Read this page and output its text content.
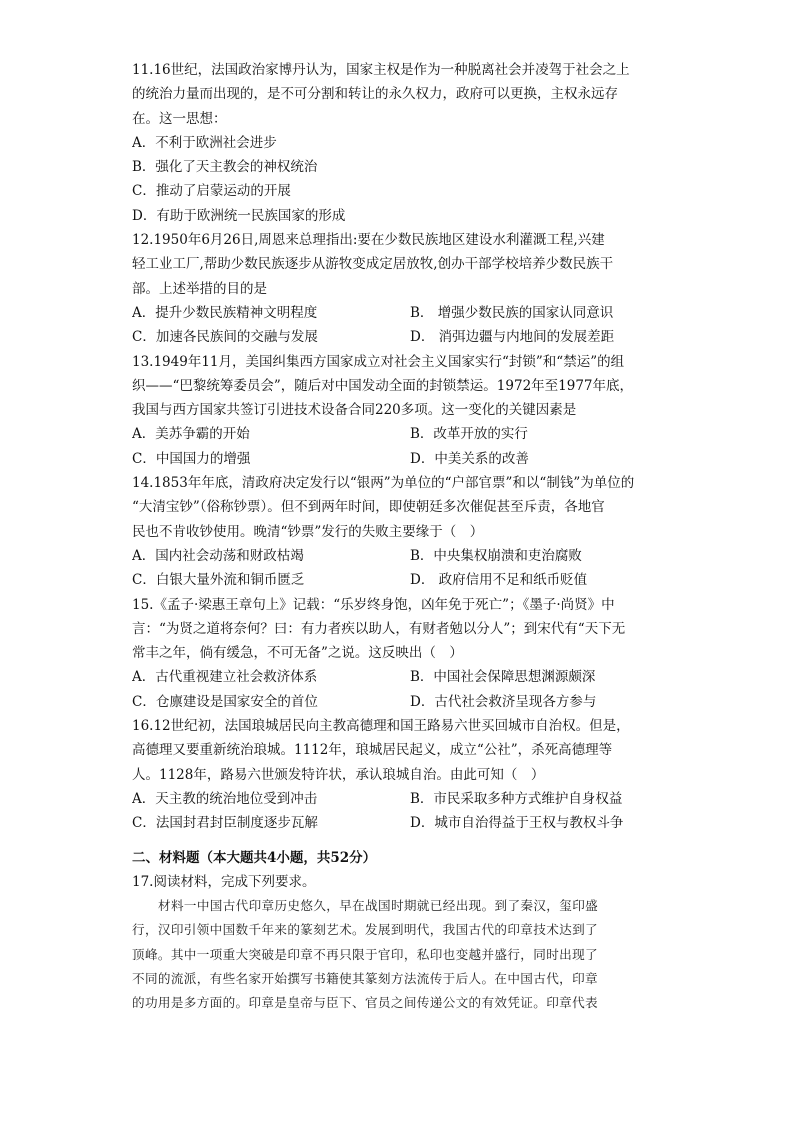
11.16世纪，法国政治家博丹认为，国家主权是作为一种脱离社会并凌驾于社会之上
的统治力量而出现的，是不可分割和转让的永久权力，政府可以更换，主权永远存
在。这一思想：
A．不利于欧洲社会进步
B．强化了天主教会的神权统治
C．推动了启蒙运动的开展
D．有助于欧洲统一民族国家的形成
12.1950年6月26日,周恩来总理指出:要在少数民族地区建设水利灌溉工程,兴建
轻工业工厂,帮助少数民族逐步从游牧变成定居放牧,创办干部学校培养少数民族干
部。上述举措的目的是
A．提升少数民族精神文明程度	B． 增强少数民族的国家认同意识
C．加速各民族间的交融与发展	D． 消弭边疆与内地间的发展差距
13.1949年11月，美国纠集西方国家成立对社会主义国家实行“封锁”和“禁运”的组
织——“巴黎统筹委员会”，随后对中国发动全面的封锁禁运。1972年至1977年底，
我国与西方国家共签订引进技术设备合同220多项。这一变化的关键因素是
A．美苏争霸的开始	B．改革开放的实行
C．中国国力的增强	D．中美关系的改善
14.1853年年底，清政府决定发行以“银两”为单位的“户部官票”和以“制钱”为单位的
“大清宝钞”（俗称钞票）。但不到两年时间，即使朝廷多次催促甚至斥责，各地官
民也不肯收钞使用。晚清“钞票”发行的失败主要缘于（　）
A．国内社会动荡和财政枯竭	B．中央集权崩溃和吏治腐败
C．白银大量外流和铜币匮乏	D． 政府信用不足和纸币贬值
15.《孟子·梁惠王章句上》记载：“乐岁终身饱，凶年免于死亡”；《墨子·尚贤》中
言：“为贤之道将奈何？曰：有力者疾以助人，有财者勉以分人”；到宋代有“天下无
常丰之年，倘有缓急，不可无备”之说。这反映出（　）
A．古代重视建立社会救济体系	B．中国社会保障思想渊源颇深
C．仓廪建设是国家安全的首位	D．古代社会救济呈现各方参与
16.12世纪初，法国琅城居民向主教高德理和国王路易六世买回城市自治权。但是，
高德理又要重新统治琅城。1112年，琅城居民起义，成立“公社”，杀死高德理等
人。1128年，路易六世颁发特许状，承认琅城自治。由此可知（　）
A．天主教的统治地位受到冲击	B．市民采取多种方式维护自身权益
C．法国封君封臣制度逐步瓦解	D．城市自治得益于王权与教权斗争
二、材料题（本大题共4小题，共52分）
17.阅读材料，完成下列要求。
材料一中国古代印章历史悠久，早在战国时期就已经出现。到了秦汉，玺印盛
行，汉印引领中国数千年来的篆刻艺术。发展到明代，我国古代的印章技术达到了
顶峰。其中一项重大突破是印章不再只限于官印，私印也变越并盛行，同时出现了
不同的流派，有些名家开始撰写书籍使其篆刻方法流传于后人。在中国古代，印章
的功用是多方面的。印章是皇帝与臣下、官员之间传递公文的有效凭证。印章代表
